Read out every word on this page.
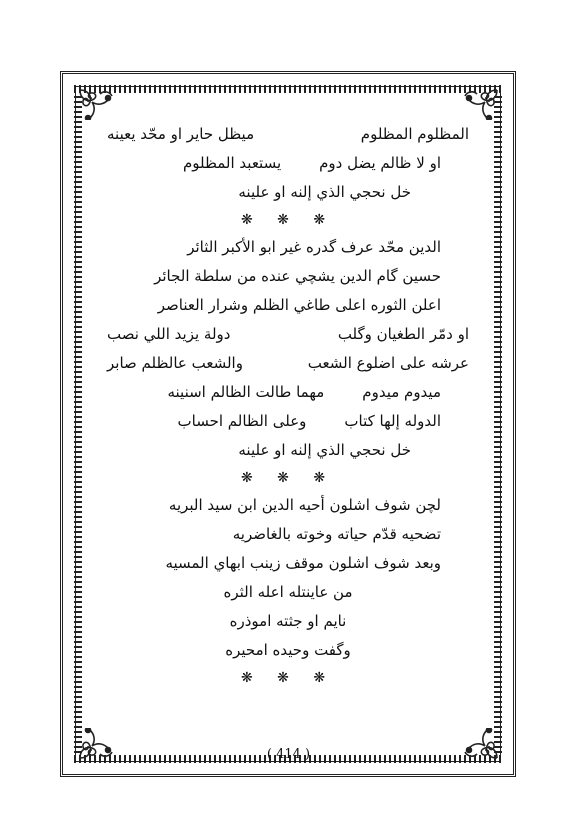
المظلوم المظلوم
ميظل حاير او محّد يعينه
او لا ظالم يضل دوم
يستعبد المظلوم
خل نحجي الذي إلنه او علينه
❋ ❋ ❋
الدين محّد عرف گدره غير ابو الأكبر الثائر
حسين گام الدين يشچي عنده من سلطة الجائر
اعلن الثوره اعلى طاغي الظلم وشرار العناصر
او دمّر الطغيان وگلب
دولة يزيد اللي نصب
عرشه على اضلوع الشعب
والشعب عالظلم صابر
ميدوم ميدوم
مهما طالت الظالم اسنينه
الدوله إلها كتاب
وعلى الظالم احساب
خل نحجي الذي إلنه او علينه
❋ ❋ ❋
لچن شوف اشلون أحيه الدين ابن سيد البريه
تضحيه قدّم حياته وخوته بالغاضريه
وبعد شوف اشلون موقف زينب ابهاي المسيه
من عاينتله اعله الثره
نايم او جثته اموذره
وگفت وحيده امحيره
❋ ❋ ❋
( 414 )
